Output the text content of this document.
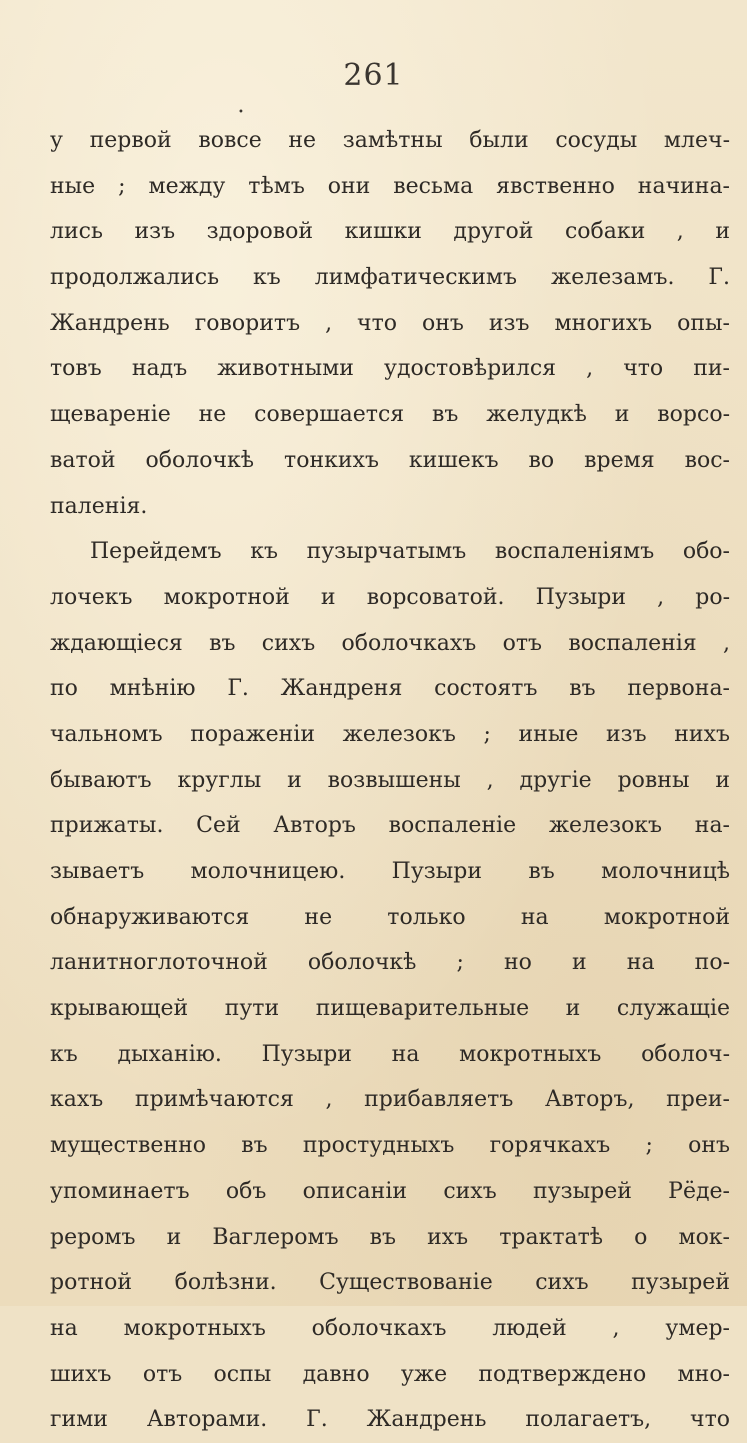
261
•
у первой вовсе не замѣтны были сосуды млеч-
ные ; между тѣмъ они весьма явственно начина-
лись изъ здоровой кишки другой собаки , и
продолжались къ лимфатическимъ железамъ. Г.
Жандрень говоритъ , что онъ изъ многихъ опы-
товъ надъ животными удостовѣрился , что пи-
щевареніе не совершается въ желудкѣ и ворсо-
ватой оболочкѣ тонкихъ кишекъ во время вос-
паленія.
Перейдемъ къ пузырчатымъ воспаленіямъ обо-
лочекъ мокротной и ворсоватой. Пузыри , ро-
ждающіеся въ сихъ оболочкахъ отъ воспаленія ,
по мнѣнію Г. Жандреня состоятъ въ первона-
чальномъ пораженіи железокъ ; иные изъ нихъ
бываютъ круглы и возвышены , другіе ровны и
прижаты. Сей Авторъ воспаленіе железокъ на-
зываетъ молочницею. Пузыри въ молочницѣ
обнаруживаются не только на мокротной
ланитноглоточной оболочкѣ ; но и на по-
крывающей пути пищеварительные и служащіе
къ дыханію. Пузыри на мокротныхъ оболоч-
кахъ примѣчаются , прибавляетъ Авторъ, преи-
мущественно въ простудныхъ горячкахъ ; онъ
упоминаетъ объ описаніи сихъ пузырей Рёде-
реромъ и Ваглеромъ въ ихъ трактатѣ о мок-
ротной болѣзни. Существованіе сихъ пузырей
на мокротныхъ оболочкахъ людей , умер-
шихъ отъ оспы давно уже подтверждено мно-
гими Авторами. Г. Жандрень полагаетъ, что
